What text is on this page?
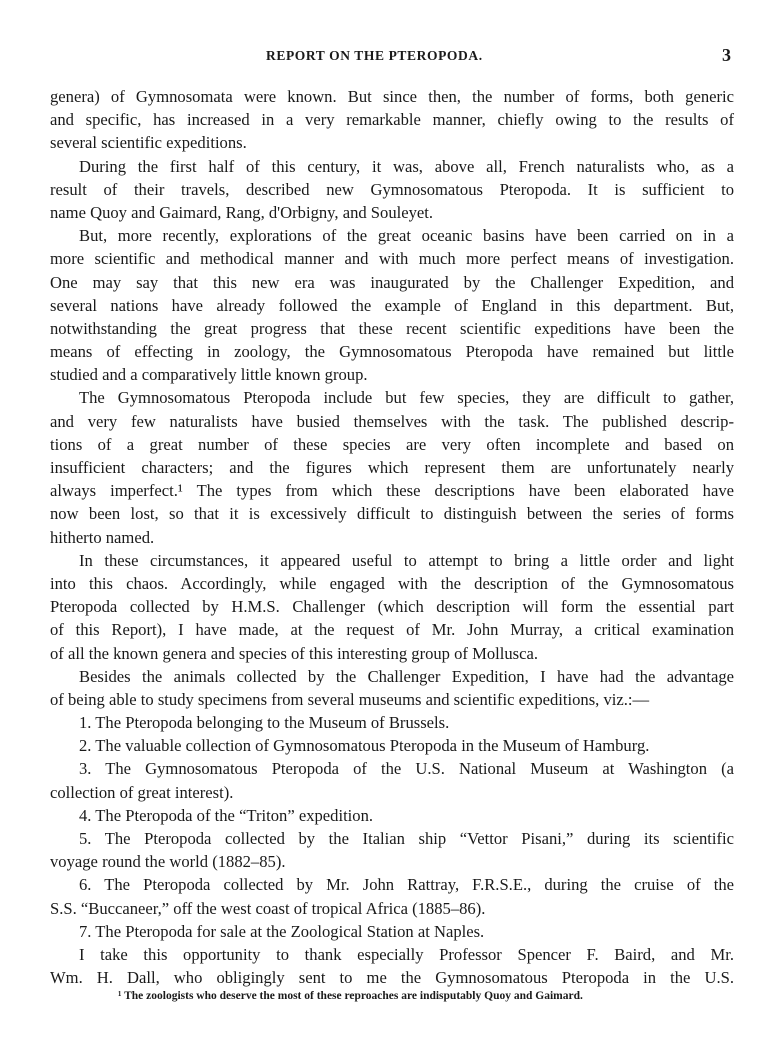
REPORT ON THE PTEROPODA.	3
genera) of Gymnosomata were known. But since then, the number of forms, both generic
and specific, has increased in a very remarkable manner, chiefly owing to the results of
several scientific expeditions.
During the first half of this century, it was, above all, French naturalists who, as a
result of their travels, described new Gymnosomatous Pteropoda. It is sufficient to
name Quoy and Gaimard, Rang, d'Orbigny, and Souleyet.
But, more recently, explorations of the great oceanic basins have been carried on in a
more scientific and methodical manner and with much more perfect means of investigation.
One may say that this new era was inaugurated by the Challenger Expedition, and
several nations have already followed the example of England in this department. But,
notwithstanding the great progress that these recent scientific expeditions have been the
means of effecting in zoology, the Gymnosomatous Pteropoda have remained but little
studied and a comparatively little known group.
The Gymnosomatous Pteropoda include but few species, they are difficult to gather,
and very few naturalists have busied themselves with the task. The published descrip-
tions of a great number of these species are very often incomplete and based on
insufficient characters; and the figures which represent them are unfortunately nearly
always imperfect.¹ The types from which these descriptions have been elaborated have
now been lost, so that it is excessively difficult to distinguish between the series of forms
hitherto named.
In these circumstances, it appeared useful to attempt to bring a little order and light
into this chaos. Accordingly, while engaged with the description of the Gymnosomatous
Pteropoda collected by H.M.S. Challenger (which description will form the essential part
of this Report), I have made, at the request of Mr. John Murray, a critical examination
of all the known genera and species of this interesting group of Mollusca.
Besides the animals collected by the Challenger Expedition, I have had the advantage
of being able to study specimens from several museums and scientific expeditions, viz.:—
1. The Pteropoda belonging to the Museum of Brussels.
2. The valuable collection of Gymnosomatous Pteropoda in the Museum of Hamburg.
3. The Gymnosomatous Pteropoda of the U.S. National Museum at Washington (a
collection of great interest).
4. The Pteropoda of the “Triton” expedition.
5. The Pteropoda collected by the Italian ship “Vettor Pisani,” during its scientific
voyage round the world (1882–85).
6. The Pteropoda collected by Mr. John Rattray, F.R.S.E., during the cruise of the
S.S. “Buccaneer,” off the west coast of tropical Africa (1885–86).
7. The Pteropoda for sale at the Zoological Station at Naples.
I take this opportunity to thank especially Professor Spencer F. Baird, and Mr.
Wm. H. Dall, who obligingly sent to me the Gymnosomatous Pteropoda in the U.S.
¹ The zoologists who deserve the most of these reproaches are indisputably Quoy and Gaimard.
